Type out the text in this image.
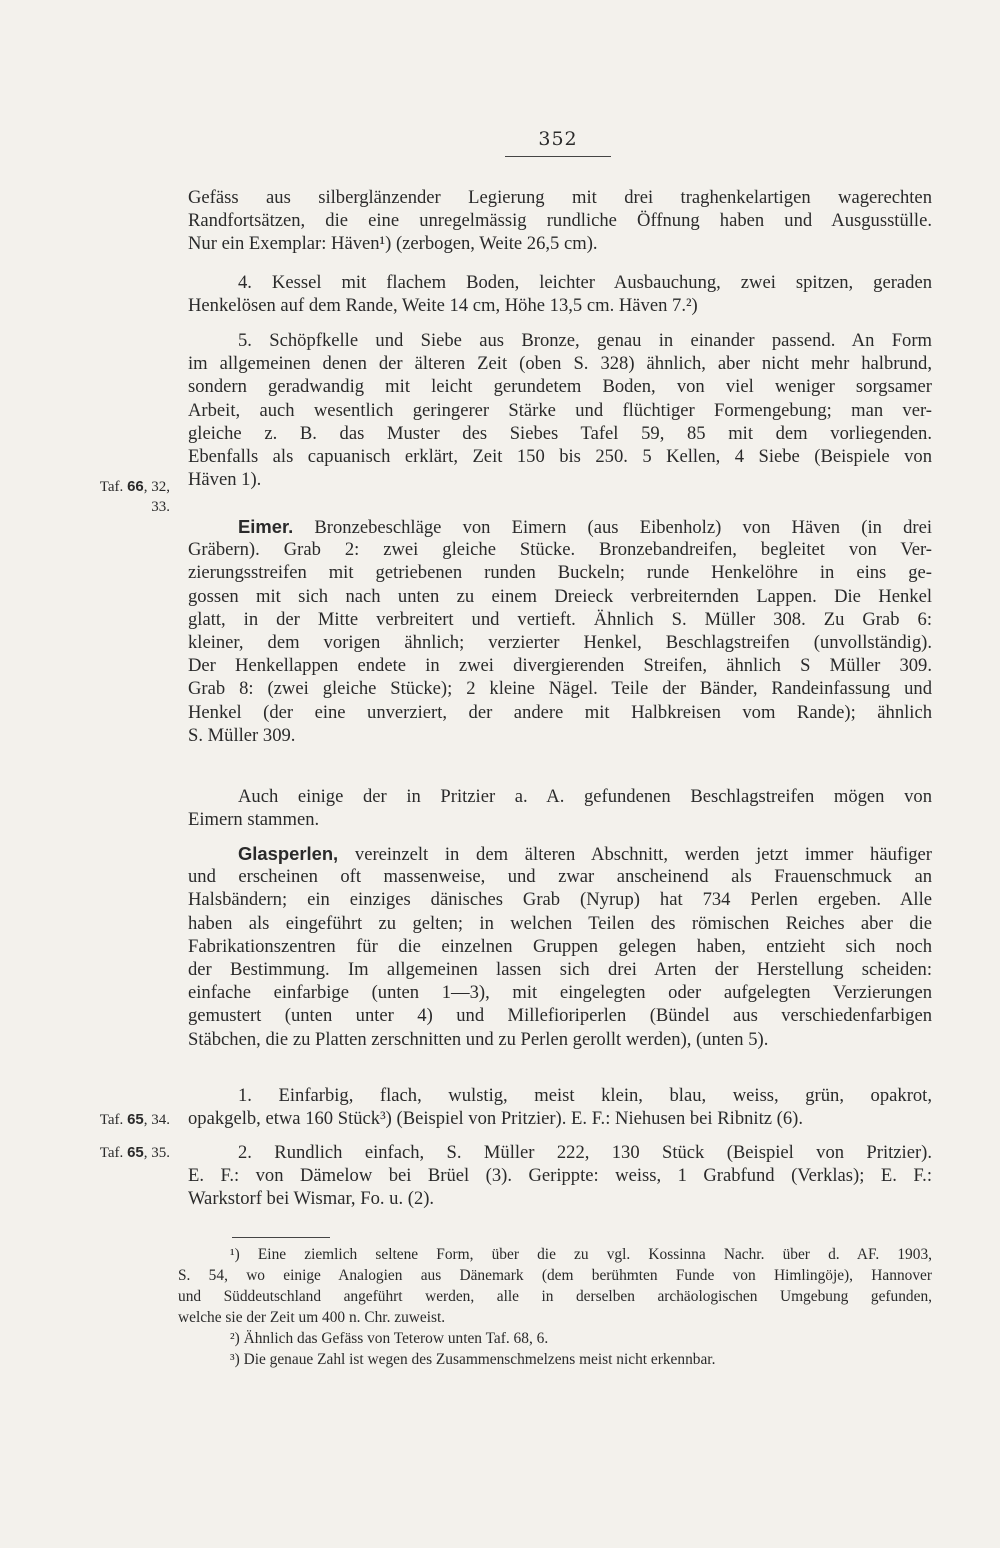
352
Gefäss aus silberglänzender Legierung mit drei traghenkelartigen wagerechten
Randfortsätzen, die eine unregelmässig rundliche Öffnung haben und Ausgusstülle.
Nur ein Exemplar: Häven¹) (zerbogen, Weite 26,5 cm).
4. Kessel mit flachem Boden, leichter Ausbauchung, zwei spitzen, geraden
Henkelösen auf dem Rande, Weite 14 cm, Höhe 13,5 cm. Häven 7.²)
5. Schöpfkelle und Siebe aus Bronze, genau in einander passend. An Form
im allgemeinen denen der älteren Zeit (oben S. 328) ähnlich, aber nicht mehr halbrund,
sondern geradwandig mit leicht gerundetem Boden, von viel weniger sorgsamer
Arbeit, auch wesentlich geringerer Stärke und flüchtiger Formengebung; man ver-
gleiche z. B. das Muster des Siebes Tafel 59, 85 mit dem vorliegenden.
Ebenfalls als capuanisch erklärt, Zeit 150 bis 250. 5 Kellen, 4 Siebe (Beispiele von
Häven 1).
Taf. 66, 32,
33.
Eimer. Bronzebeschläge von Eimern (aus Eibenholz) von Häven (in drei
Gräbern). Grab 2: zwei gleiche Stücke. Bronzebandreifen, begleitet von Ver-
zierungsstreifen mit getriebenen runden Buckeln; runde Henkelöhre in eins ge-
gossen mit sich nach unten zu einem Dreieck verbreiternden Lappen. Die Henkel
glatt, in der Mitte verbreitert und vertieft. Ähnlich S. Müller 308. Zu Grab 6:
kleiner, dem vorigen ähnlich; verzierter Henkel, Beschlagstreifen (unvollständig).
Der Henkellappen endete in zwei divergierenden Streifen, ähnlich S Müller 309.
Grab 8: (zwei gleiche Stücke); 2 kleine Nägel. Teile der Bänder, Randeinfassung und
Henkel (der eine unverziert, der andere mit Halbkreisen vom Rande); ähnlich
S. Müller 309.
Auch einige der in Pritzier a. A. gefundenen Beschlagstreifen mögen von
Eimern stammen.
Glasperlen, vereinzelt in dem älteren Abschnitt, werden jetzt immer häufiger
und erscheinen oft massenweise, und zwar anscheinend als Frauenschmuck an
Halsbändern; ein einziges dänisches Grab (Nyrup) hat 734 Perlen ergeben. Alle
haben als eingeführt zu gelten; in welchen Teilen des römischen Reiches aber die
Fabrikationszentren für die einzelnen Gruppen gelegen haben, entzieht sich noch
der Bestimmung. Im allgemeinen lassen sich drei Arten der Herstellung scheiden:
einfache einfarbige (unten 1—3), mit eingelegten oder aufgelegten Verzierungen
gemustert (unten unter 4) und Millefioriperlen (Bündel aus verschiedenfarbigen
Stäbchen, die zu Platten zerschnitten und zu Perlen gerollt werden), (unten 5).
1. Einfarbig, flach, wulstig, meist klein, blau, weiss, grün, opakrot,
opakgelb, etwa 160 Stück³) (Beispiel von Pritzier). E. F.: Niehusen bei Ribnitz (6).
Taf. 65, 34.
2. Rundlich einfach, S. Müller 222, 130 Stück (Beispiel von Pritzier).
E. F.: von Dämelow bei Brüel (3). Gerippte: weiss, 1 Grabfund (Verklas); E. F.:
Warkstorf bei Wismar, Fo. u. (2).
Taf. 65, 35.
¹) Eine ziemlich seltene Form, über die zu vgl. Kossinna Nachr. über d. AF. 1903,
S. 54, wo einige Analogien aus Dänemark (dem berühmten Funde von Himlingöje), Hannover
und Süddeutschland angeführt werden, alle in derselben archäologischen Umgebung gefunden,
welche sie der Zeit um 400 n. Chr. zuweist.
²) Ähnlich das Gefäss von Teterow unten Taf. 68, 6.
³) Die genaue Zahl ist wegen des Zusammenschmelzens meist nicht erkennbar.
